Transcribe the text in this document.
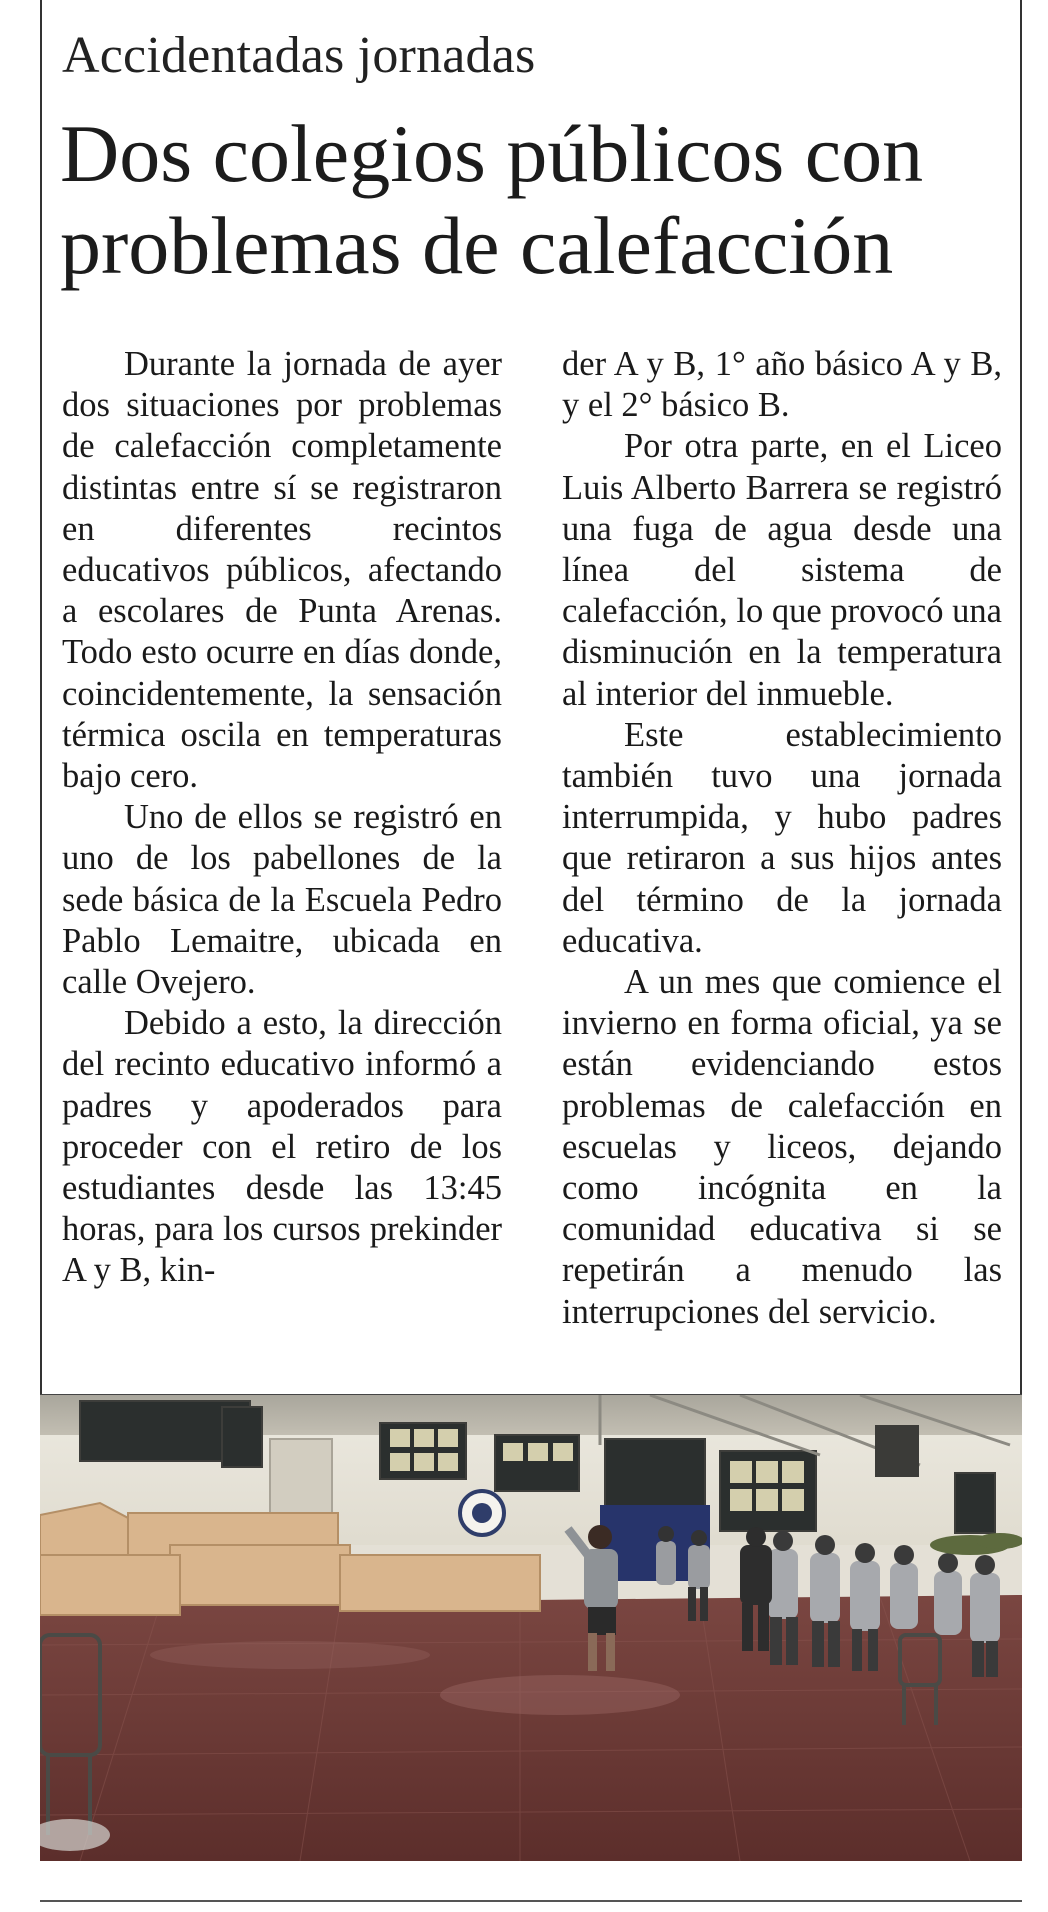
Accidentadas jornadas
Dos colegios públicos con problemas de calefacción

Durante la jornada de ayer dos situaciones por problemas de calefacción completamente distintas entre sí se registraron en diferentes recintos educativos públicos, afectando a escolares de Punta Arenas. Todo esto ocurre en días donde, coincidentemente, la sensación térmica oscila en temperaturas bajo cero.

Uno de ellos se registró en uno de los pabellones de la sede básica de la Escuela Pedro Pablo Lemaitre, ubicada en calle Ovejero.

Debido a esto, la dirección del recinto educativo informó a padres y apoderados para proceder con el retiro de los estudiantes desde las 13:45 horas, para los cursos prekinder A y B, kin-

der A y B, 1° año básico A y B, y el 2° básico B.

Por otra parte, en el Liceo Luis Alberto Barrera se registró una fuga de agua desde una línea del sistema de calefacción, lo que provocó una disminución en la temperatura al interior del inmueble.

Este establecimiento también tuvo una jornada interrumpida, y hubo padres que retiraron a sus hijos antes del término de la jornada educativa.

A un mes que comience el invierno en forma oficial, ya se están evidenciando estos problemas de calefacción en escuelas y liceos, dejando como incógnita en la comunidad educativa si se repetirán a menudo las interrupciones del servicio.
